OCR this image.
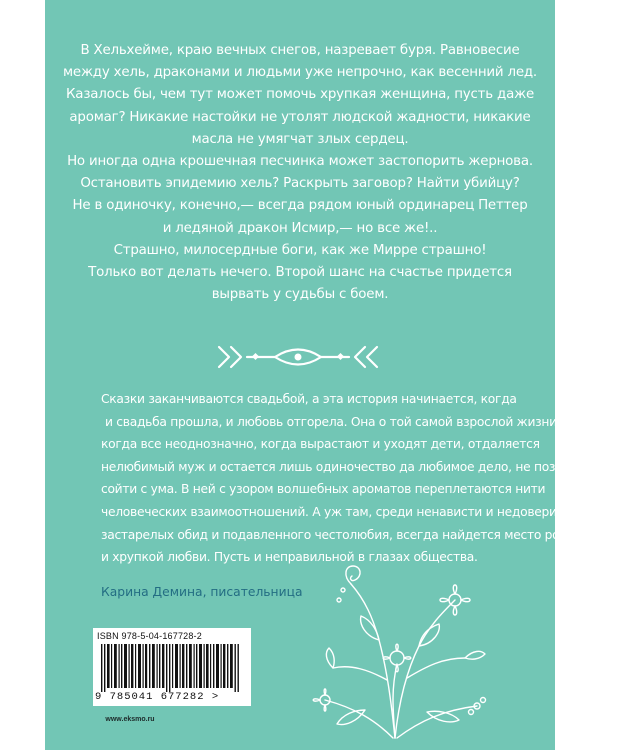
В Хельхейме, краю вечных снегов, назревает буря. Равновесие
между хель, драконами и людьми уже непрочно, как весенний лед.
Казалось бы, чем тут может помочь хрупкая женщина, пусть даже
аромаг? Никакие настойки не утолят людской жадности, никакие
масла не умягчат злых сердец.
Но иногда одна крошечная песчинка может застопорить жернова.
Остановить эпидемию хель? Раскрыть заговор? Найти убийцу?
Не в одиночку, конечно,— всегда рядом юный ординарец Петтер
и ледяной дракон Исмир,— но все же!..
Страшно, милосердные боги, как же Мирре страшно!
Только вот делать нечего. Второй шанс на счастье придется
вырвать у судьбы с боем.
Сказки заканчиваются свадьбой, а эта история начинается, когда
и свадьба прошла, и любовь отгорела. Она о той самой взрослой жизни,
когда все неоднозначно, когда вырастают и уходят дети, отдаляется
нелюбимый муж и остается лишь одиночество да любимое дело, не позволяющее
сойти с ума. В ней с узором волшебных ароматов переплетаются нити
человеческих взаимоотношений. А уж там, среди ненависти и недоверия,
застарелых обид и подавленного честолюбия, всегда найдется место робкой
и хрупкой любви. Пусть и неправильной в глазах общества.
Карина Демина, писательница
ISBN 978-5-04-167728-2
9 785041 677282 >
www.eksmo.ru
